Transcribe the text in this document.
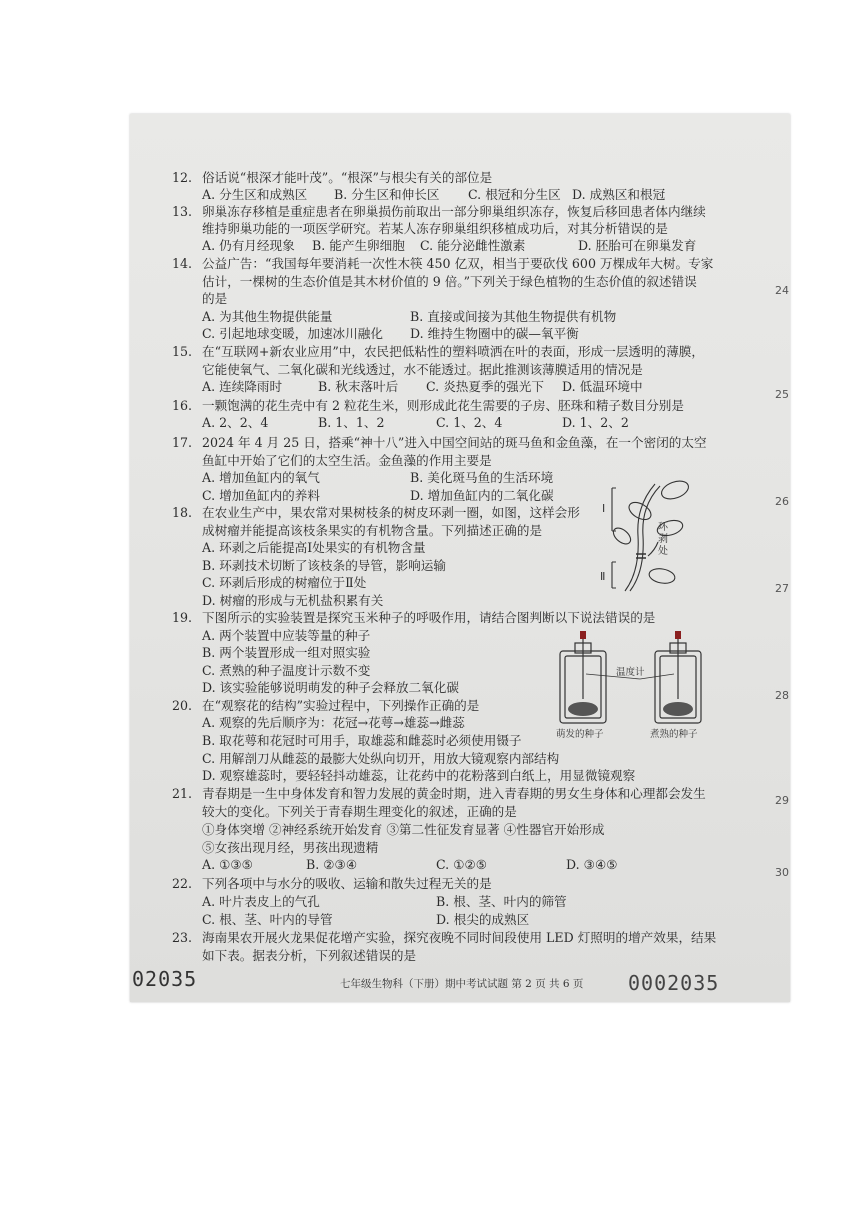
24
25
26
27
28
29
30
12. 俗话说“根深才能叶茂”。“根深”与根尖有关的部位是
A. 分生区和成熟区 B. 分生区和伸长区 C. 根冠和分生区 D. 成熟区和根冠
13. 卵巢冻存移植是重症患者在卵巢损伤前取出一部分卵巢组织冻存，恢复后移回患者体内继续
维持卵巢功能的一项医学研究。若某人冻存卵巢组织移植成功后，对其分析错误的是
A. 仍有月经现象 B. 能产生卵细胞 C. 能分泌雌性激素	D. 胚胎可在卵巢发育
14. 公益广告：“我国每年要消耗一次性木筷 450 亿双，相当于要砍伐 600 万棵成年大树。专家
估计，一棵树的生态价值是其木材价值的 9 倍。”下列关于绿色植物的生态价值的叙述错误
的是
A. 为其他生物提供能量	B. 直接或间接为其他生物提供有机物
C. 引起地球变暖，加速冰川融化 D. 维持生物圈中的碳—氧平衡
15. 在“互联网+新农业应用”中，农民把低粘性的塑料喷洒在叶的表面，形成一层透明的薄膜，
它能使氧气、二氧化碳和光线透过，水不能透过。据此推测该薄膜适用的情况是
A. 连续降雨时	B. 秋末落叶后 C. 炎热夏季的强光下 D. 低温环境中
16. 一颗饱满的花生壳中有 2 粒花生米，则形成此花生需要的子房、胚珠和精子数目分别是
A. 2、2、4	B. 1、1、2	C. 1、2、4	D. 1、2、2
17. 2024 年 4 月 25 日，搭乘“神十八”进入中国空间站的斑马鱼和金鱼藻，在一个密闭的太空
鱼缸中开始了它们的太空生活。金鱼藻的作用主要是
A. 增加鱼缸内的氧气	B. 美化斑马鱼的生活环境
C. 增加鱼缸内的养料	D. 增加鱼缸内的二氧化碳
18. 在农业生产中，果农常对果树枝条的树皮环剥一圈，如图，这样会形
成树瘤并能提高该枝条果实的有机物含量。下列描述正确的是
A. 环剥之后能提高Ⅰ处果实的有机物含量
B. 环剥技术切断了该枝条的导管，影响运输
C. 环剥后形成的树瘤位于Ⅱ处
D. 树瘤的形成与无机盐积累有关
Ⅰ
Ⅱ
环
剥
处
19. 下图所示的实验装置是探究玉米种子的呼吸作用，请结合图判断以下说法错误的是
A. 两个装置中应装等量的种子
B. 两个装置形成一组对照实验
C. 煮熟的种子温度计示数不变
D. 该实验能够说明萌发的种子会释放二氧化碳
温度计
萌发的种子	煮熟的种子
20. 在“观察花的结构”实验过程中，下列操作正确的是
A. 观察的先后顺序为：花冠→花萼→雄蕊→雌蕊
B. 取花萼和花冠时可用手，取雄蕊和雌蕊时必须使用镊子
C. 用解剖刀从雌蕊的最膨大处纵向切开，用放大镜观察内部结构
D. 观察雄蕊时，要轻轻抖动雄蕊，让花药中的花粉落到白纸上，用显微镜观察
21. 青春期是一生中身体发育和智力发展的黄金时期，进入青春期的男女生身体和心理都会发生
较大的变化。下列关于青春期生理变化的叙述，正确的是
①身体突增 ②神经系统开始发育 ③第二性征发育显著 ④性器官开始形成
⑤女孩出现月经，男孩出现遗精
A. ①③⑤	B. ②③④	C. ①②⑤	D. ③④⑤
22. 下列各项中与水分的吸收、运输和散失过程无关的是
A. 叶片表皮上的气孔	B. 根、茎、叶内的筛管
C. 根、茎、叶内的导管	D. 根尖的成熟区
23. 海南果农开展火龙果促花增产实验，探究夜晚不同时间段使用 LED 灯照明的增产效果，结果
如下表。据表分析，下列叙述错误的是
02035	七年级生物科（下册）期中考试试题 第 2 页 共 6 页 0002035
